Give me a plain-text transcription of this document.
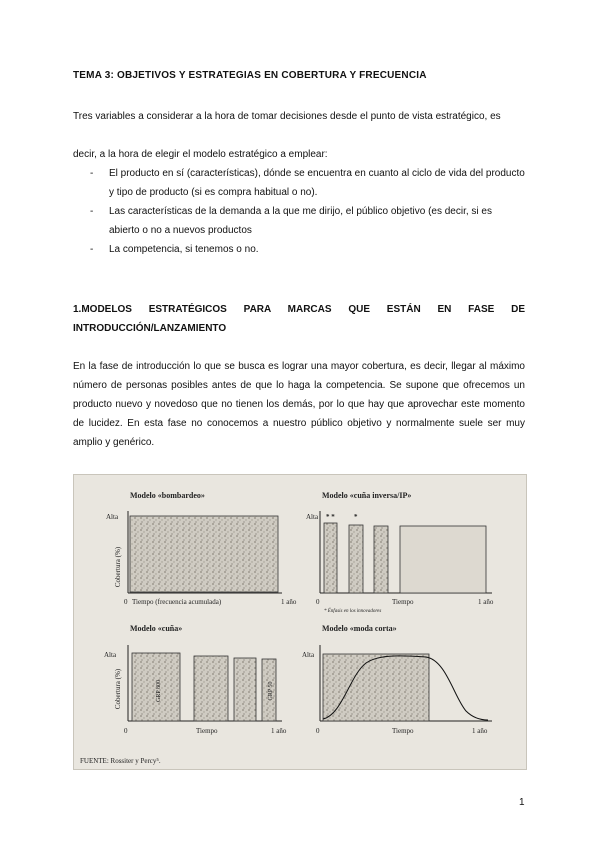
TEMA 3: OBJETIVOS Y ESTRATEGIAS EN COBERTURA Y FRECUENCIA
Tres variables a considerar a la hora de tomar decisiones desde el punto de vista estratégico, es
decir, a la hora de elegir el modelo estratégico a emplear:
- El producto en sí (características), dónde se encuentra en cuanto al ciclo de vida del producto y tipo de producto (si es compra habitual o no).
- Las características de la demanda a la que me dirijo, el público objetivo (es decir, si es
abierto o no a nuevos productos
- La competencia, si tenemos o no.
1.MODELOS ESTRATÉGICOS PARA MARCAS QUE ESTÁN EN FASE DE INTRODUCCIÓN/LANZAMIENTO
En la fase de introducción lo que se busca es lograr una mayor cobertura, es decir, llegar al máximo número de personas posibles antes de que lo haga la competencia. Se supone que ofrecemos un producto nuevo y novedoso que no tienen los demás, por lo que hay que aprovechar este momento de lucidez. En esta fase no conocemos a nuestro público objetivo y normalmente suele ser muy amplio y genérico.
Modelo «bombardeo»
Alta
Cobertura (%)
0 Tiempo (frecuencia acumulada)	1 año
Modelo «cuña inversa/IP»
Alta * *	*
0	Tiempo	1 año
* Énfasis en los innovadores
Modelo «cuña»
Alta
Cobertura (%)	GRP 800	GRP 50
0	Tiempo	1 año
Modelo «moda corta»
Alta
0	Tiempo	1 año
FUENTE: Rossiter y Percy⁵.
1
